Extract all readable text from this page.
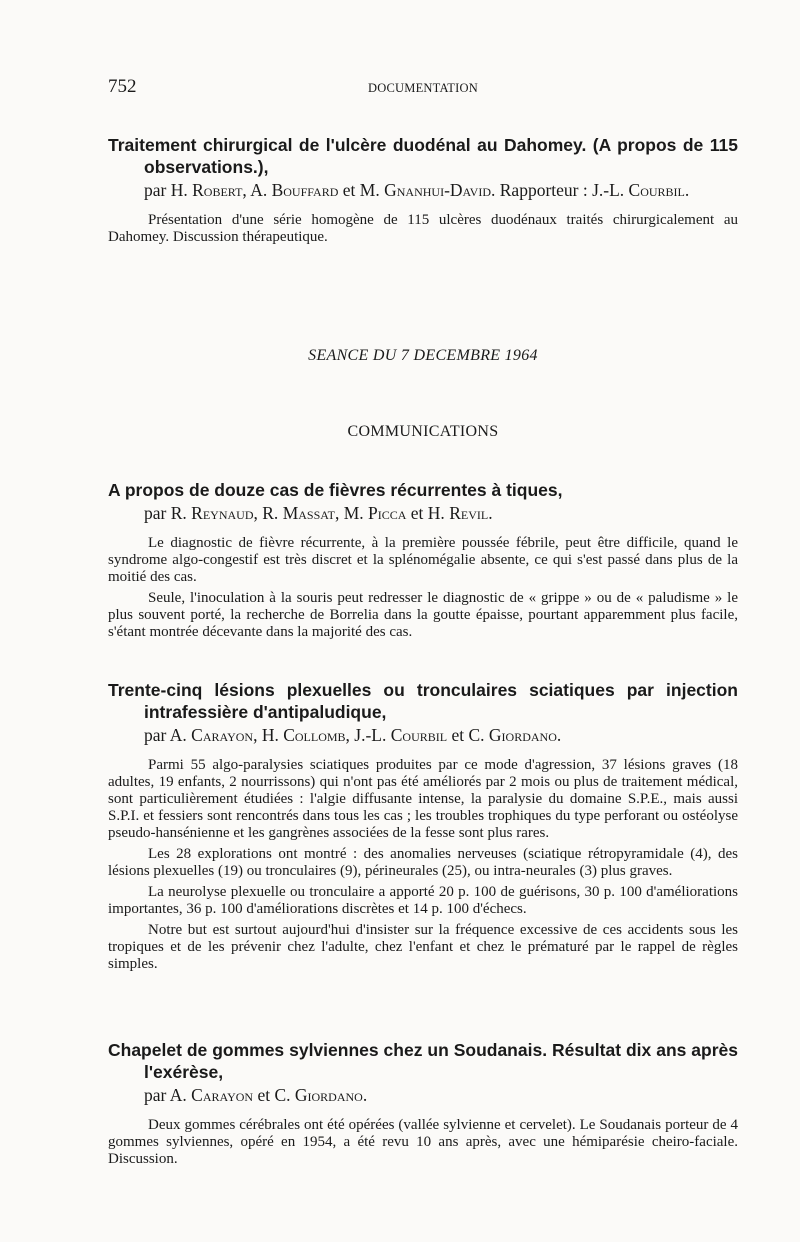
752	DOCUMENTATION

Traitement chirurgical de l'ulcère duodénal au Dahomey. (A propos de 115 observations.),

par H. Robert, A. Bouffard et M. Gnanhui-David. Rapporteur : J.-L. Courbil.

Présentation d'une série homogène de 115 ulcères duodénaux traités chirurgicalement au Dahomey. Discussion thérapeutique.

SEANCE DU 7 DECEMBRE 1964
COMMUNICATIONS

A propos de douze cas de fièvres récurrentes à tiques,

par R. Reynaud, R. Massat, M. Picca et H. Revil.

Le diagnostic de fièvre récurrente, à la première poussée fébrile, peut être difficile, quand le syndrome algo-congestif est très discret et la splénomégalie absente, ce qui s'est passé dans plus de la moitié des cas.

Seule, l'inoculation à la souris peut redresser le diagnostic de « grippe » ou de « paludisme » le plus souvent porté, la recherche de Borrelia dans la goutte épaisse, pourtant apparemment plus facile, s'étant montrée décevante dans la majorité des cas.

Trente-cinq lésions plexuelles ou tronculaires sciatiques par injection intrafessière d'antipaludique,

par A. Carayon, H. Collomb, J.-L. Courbil et C. Giordano.

Parmi 55 algo-paralysies sciatiques produites par ce mode d'agression, 37 lésions graves (18 adultes, 19 enfants, 2 nourrissons) qui n'ont pas été améliorés par 2 mois ou plus de traitement médical, sont particulièrement étudiées : l'algie diffusante intense, la paralysie du domaine S.P.E., mais aussi S.P.I. et fessiers sont rencontrés dans tous les cas ; les troubles trophiques du type perforant ou ostéolyse pseudo-hansénienne et les gangrènes associées de la fesse sont plus rares.

Les 28 explorations ont montré : des anomalies nerveuses (sciatique rétropyramidale (4), des lésions plexuelles (19) ou tronculaires (9), périneurales (25), ou intra-neurales (3) plus graves.

La neurolyse plexuelle ou tronculaire a apporté 20 p. 100 de guérisons, 30 p. 100 d'améliorations importantes, 36 p. 100 d'améliorations discrètes et 14 p. 100 d'échecs.

Notre but est surtout aujourd'hui d'insister sur la fréquence excessive de ces accidents sous les tropiques et de les prévenir chez l'adulte, chez l'enfant et chez le prématuré par le rappel de règles simples.

Chapelet de gommes sylviennes chez un Soudanais. Résultat dix ans après l'exérèse,

par A. Carayon et C. Giordano.

Deux gommes cérébrales ont été opérées (vallée sylvienne et cervelet). Le Soudanais porteur de 4 gommes sylviennes, opéré en 1954, a été revu 10 ans après, avec une hémiparésie cheiro-faciale. Discussion.
